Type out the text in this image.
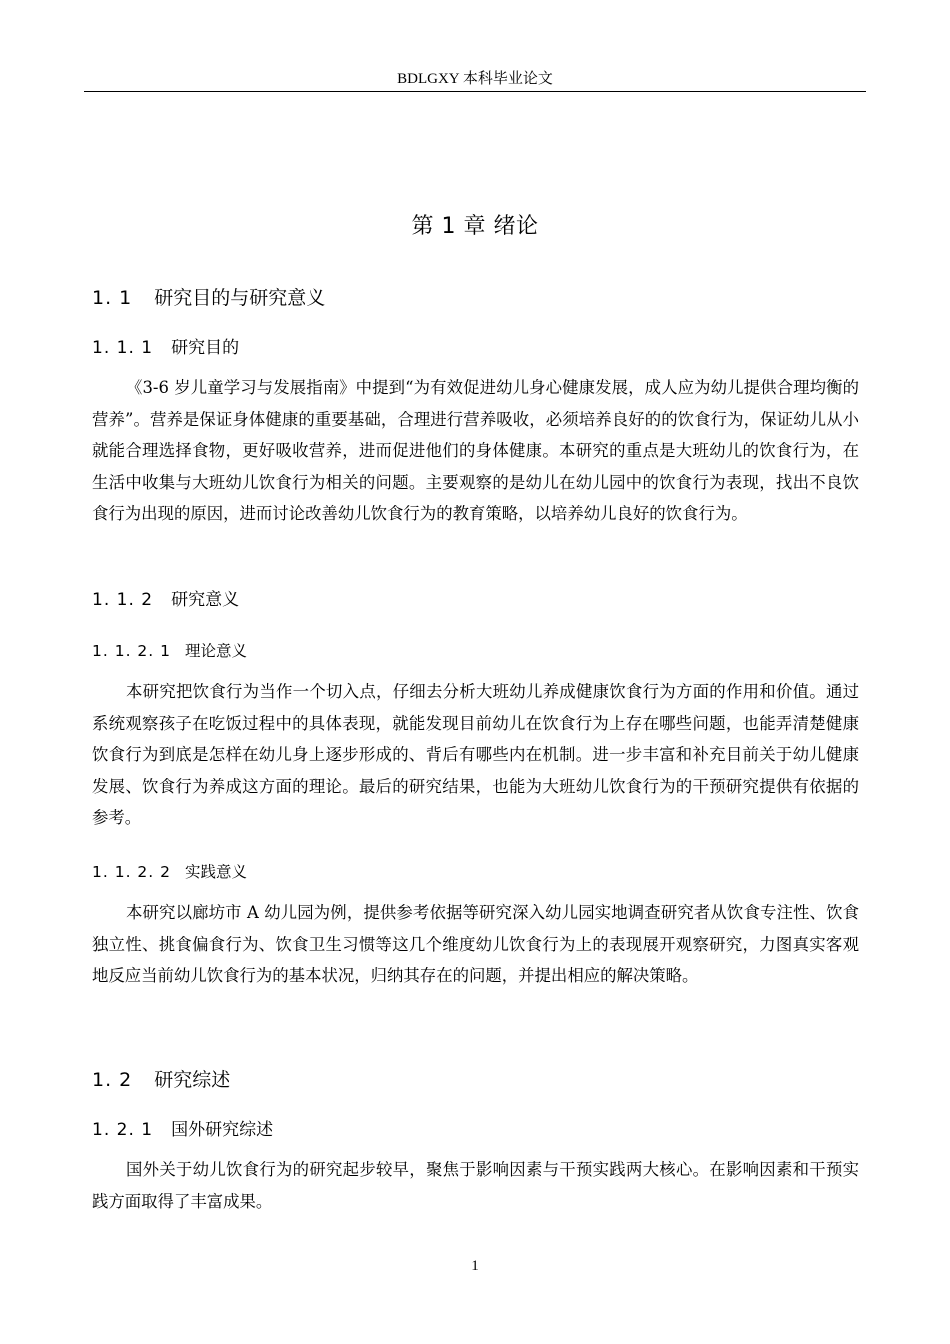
BDLGXY 本科毕业论文
第 1 章 绪论
1. 1 研究目的与研究意义
1. 1. 1 研究目的

《3-6 岁儿童学习与发展指南》中提到“为有效促进幼儿身心健康发展，成人应为幼儿提供合理均衡的营养”。营养是保证身体健康的重要基础，合理进行营养吸收，必须培养良好的的饮食行为，保证幼儿从小就能合理选择食物，更好吸收营养，进而促进他们的身体健康。本研究的重点是大班幼儿的饮食行为，在生活中收集与大班幼儿饮食行为相关的问题。主要观察的是幼儿在幼儿园中的饮食行为表现，找出不良饮食行为出现的原因，进而讨论改善幼儿饮食行为的教育策略，以培养幼儿良好的饮食行为。

1. 1. 2 研究意义
1. 1. 2. 1 理论意义

本研究把饮食行为当作一个切入点，仔细去分析大班幼儿养成健康饮食行为方面的作用和价值。通过系统观察孩子在吃饭过程中的具体表现，就能发现目前幼儿在饮食行为上存在哪些问题，也能弄清楚健康饮食行为到底是怎样在幼儿身上逐步形成的、背后有哪些内在机制。进一步丰富和补充目前关于幼儿健康发展、饮食行为养成这方面的理论。最后的研究结果，也能为大班幼儿饮食行为的干预研究提供有依据的参考。

1. 1. 2. 2 实践意义

本研究以廊坊市 A 幼儿园为例，提供参考依据等研究深入幼儿园实地调查研究者从饮食专注性、饮食独立性、挑食偏食行为、饮食卫生习惯等这几个维度幼儿饮食行为上的表现展开观察研究，力图真实客观地反应当前幼儿饮食行为的基本状况，归纳其存在的问题，并提出相应的解决策略。

1. 2 研究综述
1. 2. 1 国外研究综述

国外关于幼儿饮食行为的研究起步较早，聚焦于影响因素与干预实践两大核心。在影响因素和干预实践方面取得了丰富成果。

1
